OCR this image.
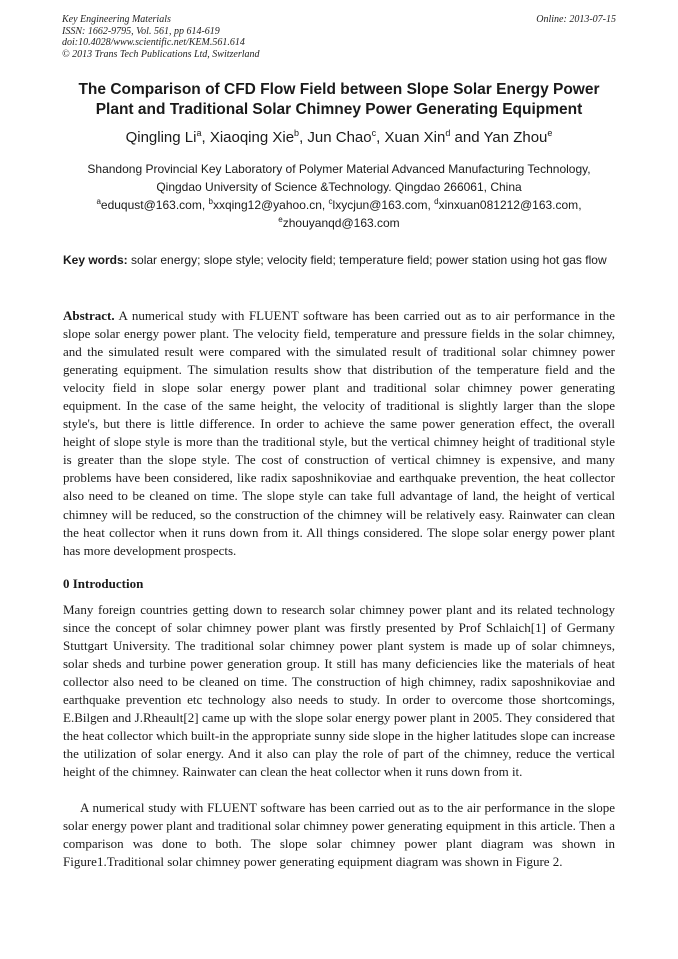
Key Engineering Materials
ISSN: 1662-9795, Vol. 561, pp 614-619
doi:10.4028/www.scientific.net/KEM.561.614
© 2013 Trans Tech Publications Ltd, Switzerland
Online: 2013-07-15
The Comparison of CFD Flow Field between Slope Solar Energy Power
Plant and Traditional Solar Chimney Power Generating Equipment
Qingling Li$^a$, Xiaoqing Xie$^b$, Jun Chao$^c$, Xuan Xin$^d$ and Yan Zhou$^e$
Shandong Provincial Key Laboratory of Polymer Material Advanced Manufacturing Technology,
Qingdao University of Science &Technology. Qingdao 266061, China
$^a$eduqust@163.com, $^b$xxqing12@yahoo.cn, $^c$lxycjun@163.com, $^d$xinxuan081212@163.com,
$^e$zhouyanqd@163.com
Key words: solar energy; slope style; velocity field; temperature field; power station using hot gas flow
Abstract. A numerical study with FLUENT software has been carried out as to air performance in the slope solar energy power plant. The velocity field, temperature and pressure fields in the solar chimney, and the simulated result were compared with the simulated result of traditional solar chimney power generating equipment. The simulation results show that distribution of the temperature field and the velocity field in slope solar energy power plant and traditional solar chimney power generating equipment. In the case of the same height, the velocity of traditional is slightly larger than the slope style's, but there is little difference. In order to achieve the same power generation effect, the overall height of slope style is more than the traditional style, but the vertical chimney height of traditional style is greater than the slope style. The cost of construction of vertical chimney is expensive, and many problems have been considered, like radix saposhnikoviae and earthquake prevention, the heat collector also need to be cleaned on time. The slope style can take full advantage of land, the height of vertical chimney will be reduced, so the construction of the chimney will be relatively easy. Rainwater can clean the heat collector when it runs down from it. All things considered. The slope solar energy power plant has more development prospects.
0 Introduction
Many foreign countries getting down to research solar chimney power plant and its related technology since the concept of solar chimney power plant was firstly presented by Prof Schlaich[1] of Germany Stuttgart University. The traditional solar chimney power plant system is made up of solar chimneys, solar sheds and turbine power generation group. It still has many deficiencies like the materials of heat collector also need to be cleaned on time. The construction of high chimney, radix saposhnikoviae and earthquake prevention etc technology also needs to study. In order to overcome those shortcomings, E.Bilgen and J.Rheault[2] came up with the slope solar energy power plant in 2005. They considered that the heat collector which built-in the appropriate sunny side slope in the higher latitudes slope can increase the utilization of solar energy. And it also can play the role of part of the chimney, reduce the vertical height of the chimney. Rainwater can clean the heat collector when it runs down from it.
A numerical study with FLUENT software has been carried out as to the air performance in the slope solar energy power plant and traditional solar chimney power generating equipment in this article. Then a comparison was done to both. The slope solar chimney power plant diagram was shown in Figure1.Traditional solar chimney power generating equipment diagram was shown in Figure 2.
